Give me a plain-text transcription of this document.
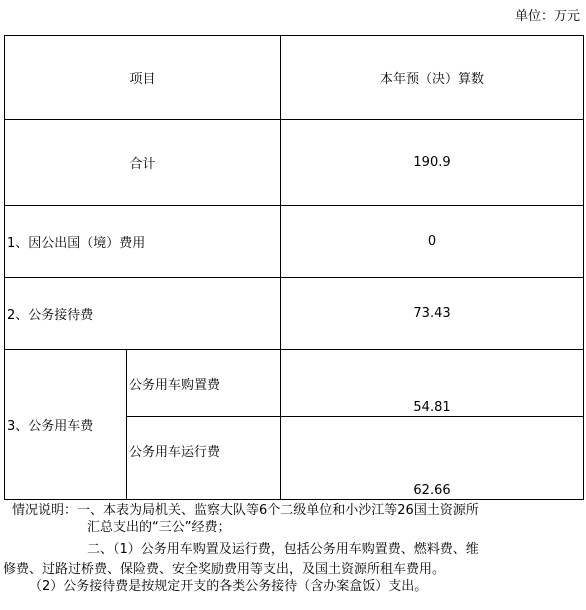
单位：万元
项目		本年预（决）算数
合计		190.9
1、因公出国（境）费用		0
2、公务接待费		73.43
3、公务用车费	公务用车购置费	54.81
	公务用车运行费	62.66

情况说明：一、本表为局机关、监察大队等6个二级单位和小沙江等26国土资源所

汇总支出的“三公”经费；

二、（1）公务用车购置及运行费，包括公务用车购置费、燃料费、维

修费、过路过桥费、保险费、安全奖励费用等支出，及国土资源所租车费用。

（2）公务接待费是按规定开支的各类公务接待（含办案盒饭）支出。
